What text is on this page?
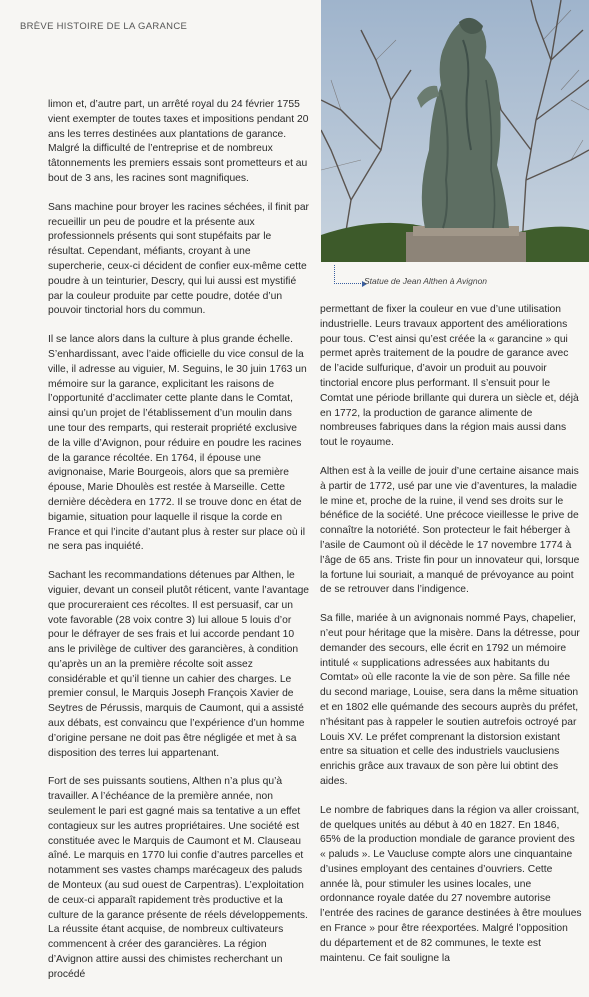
BRÈVE HISTOIRE DE LA GARANCE
Statue de Jean Althen à Avignon

limon et, d’autre part, un arrêté royal du 24 février 1755 vient exempter de toutes taxes et impositions pendant 20 ans les terres destinées aux plantations de garance. Malgré la difficulté de l’entreprise et de nombreux tâtonnements les premiers essais sont prometteurs et au bout de 3 ans, les racines sont magnifiques.

Sans machine pour broyer les racines séchées, il finit par recueillir un peu de poudre et la présente aux professionnels présents qui sont stupéfaits par le résultat. Cependant, méfiants, croyant à une supercherie, ceux-ci décident de confier eux-même cette poudre à un teinturier, Descry, qui lui aussi est mystifié par la couleur produite par cette poudre, dotée d’un pouvoir tinctorial hors du commun.

Il se lance alors dans la culture à plus grande échelle. S’enhardissant, avec l’aide officielle du vice consul de la ville, il adresse au viguier, M. Seguins, le 30 juin 1763 un mémoire sur la garance, explicitant les raisons de l’opportunité d’acclimater cette plante dans le Comtat, ainsi qu’un projet de l’établissement d’un moulin dans une tour des remparts, qui resterait propriété exclusive de la ville d’Avignon, pour réduire en poudre les racines de la garance récoltée. En 1764, il épouse une avignonaise, Marie Bourgeois, alors que sa première épouse, Marie Dhoulès est restée à Marseille. Cette dernière décèdera en 1772. Il se trouve donc en état de bigamie, situation pour laquelle il risque la corde en France et qui l’incite d’autant plus à rester sur place où il ne sera pas inquiété.

Sachant les recommandations détenues par Althen, le viguier, devant un conseil plutôt réticent, vante l’avantage que procureraient ces récoltes. Il est persuasif, car un vote favorable (28 voix contre 3) lui alloue 5 louis d’or pour le défrayer de ses frais et lui accorde pendant 10 ans le privilège de cultiver des garancières, à condition qu’après un an la première récolte soit assez considérable et qu’il tienne un cahier des charges. Le premier consul, le Marquis Joseph François Xavier de Seytres de Pérussis, marquis de Caumont, qui a assisté aux débats, est convaincu que l’expérience d’un homme d’origine persane ne doit pas être négligée et met à sa disposition des terres lui appartenant.

Fort de ses puissants soutiens, Althen n’a plus qu’à travailler. A l’échéance de la première année, non seulement le pari est gagné mais sa tentative a un effet contagieux sur les autres propriétaires. Une société est constituée avec le Marquis de Caumont et M. Clauseau aîné. Le marquis en 1770 lui confie d’autres parcelles et notamment ses vastes champs marécageux des paluds de Monteux (au sud ouest de Carpentras). L’exploitation de ceux-ci apparaît rapidement très productive et la culture de la garance présente de réels développements. La réussite étant acquise, de nombreux cultivateurs commencent à créer des garancières. La région d’Avignon attire aussi des chimistes recherchant un procédé

permettant de fixer la couleur en vue d’une utilisation industrielle. Leurs travaux apportent des améliorations pour tous. C’est ainsi qu’est créée la « garancine » qui permet après traitement de la poudre de garance avec de l’acide sulfurique, d’avoir un produit au pouvoir tinctorial encore plus performant. Il s’ensuit pour le Comtat une période brillante qui durera un siècle et, déjà en 1772, la production de garance alimente de nombreuses fabriques dans la région mais aussi dans tout le royaume.

Althen est à la veille de jouir d’une certaine aisance mais à partir de 1772, usé par une vie d’aventures, la maladie le mine et, proche de la ruine, il vend ses droits sur le bénéfice de la société. Une précoce vieillesse le prive de connaître la notoriété. Son protecteur le fait héberger à l’asile de Caumont où il décède le 17 novembre 1774 à l’âge de 65 ans. Triste fin pour un innovateur qui, lorsque la fortune lui souriait, a manqué de prévoyance au point de se retrouver dans l’indigence.

Sa fille, mariée à un avignonais nommé Pays, chapelier, n’eut pour héritage que la misère. Dans la détresse, pour demander des secours, elle écrit en 1792 un mémoire intitulé « supplications adressées aux habitants du Comtat» où elle raconte la vie de son père. Sa fille née du second mariage, Louise, sera dans la même situation et en 1802 elle quémande des secours auprès du préfet, n’hésitant pas à rappeler le soutien autrefois octroyé par Louis XV. Le préfet comprenant la distorsion existant entre sa situation et celle des industriels vauclusiens enrichis grâce aux travaux de son père lui obtint des aides.

Le nombre de fabriques dans la région va aller croissant, de quelques unités au début à 40 en 1827. En 1846, 65% de la production mondiale de garance provient des « paluds ». Le Vaucluse compte alors une cinquantaine d’usines employant des centaines d’ouvriers. Cette année là, pour stimuler les usines locales, une ordonnance royale datée du 27 novembre autorise l’entrée des racines de garance destinées à être moulues en France » pour être réexportées. Malgré l’opposition du département et de 82 communes, le texte est maintenu. Ce fait souligne la
